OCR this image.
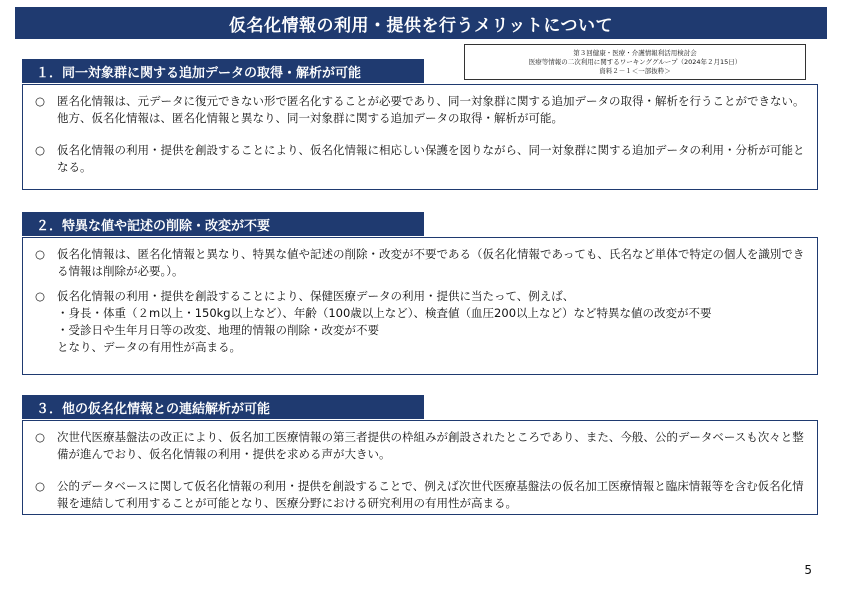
仮名化情報の利用・提供を行うメリットについて
第３回健康・医療・介護情報利活用検討会
医療等情報の二次利用に関するワーキンググループ（2024年２月15日）
資料２－１＜一部抜粋＞
１．同一対象群に関する追加データの取得・解析が可能
○	匿名化情報は、元データに復元できない形で匿名化することが必要であり、同一対象群に関する追加データの取得・解析を行うことができない。他方、仮名化情報は、匿名化情報と異なり、同一対象群に関する追加データの取得・解析が可能。
○	仮名化情報の利用・提供を創設することにより、仮名化情報に相応しい保護を図りながら、同一対象群に関する追加データの利用・分析が可能となる。
２．特異な値や記述の削除・改変が不要
○	仮名化情報は、匿名化情報と異なり、特異な値や記述の削除・改変が不要である（仮名化情報であっても、氏名など単体で特定の個人を識別できる情報は削除が必要。）。
○	仮名化情報の利用・提供を創設することにより、保健医療データの利用・提供に当たって、例えば、
・身長・体重（２m以上・150kg以上など）、年齢（100歳以上など）、検査値（血圧200以上など）など特異な値の改変が不要
・受診日や生年月日等の改変、地理的情報の削除・改変が不要
となり、データの有用性が高まる。
３．他の仮名化情報との連結解析が可能
○	次世代医療基盤法の改正により、仮名加工医療情報の第三者提供の枠組みが創設されたところであり、また、今般、公的データベースも次々と整備が進んでおり、仮名化情報の利用・提供を求める声が大きい。
○	公的データベースに関して仮名化情報の利用・提供を創設することで、例えば次世代医療基盤法の仮名加工医療情報と臨床情報等を含む仮名化情報を連結して利用することが可能となり、医療分野における研究利用の有用性が高まる。
5
